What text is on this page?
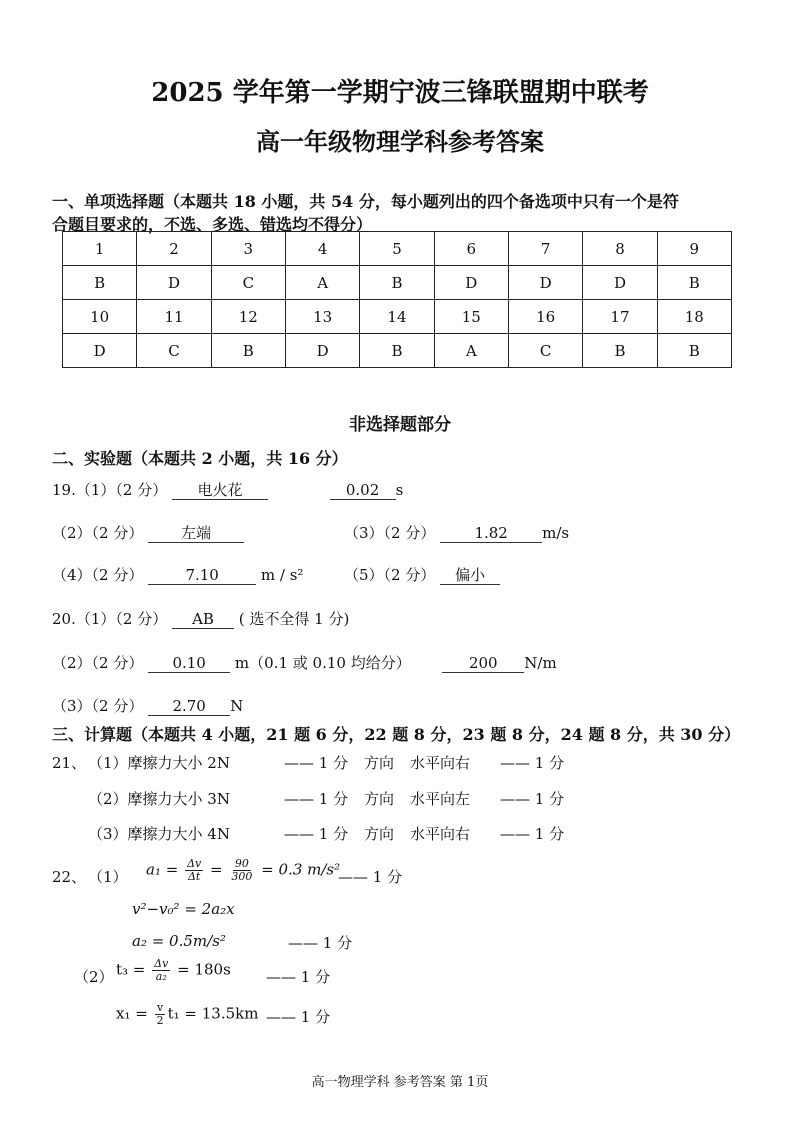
2025 学年第一学期宁波三锋联盟期中联考
高一年级物理学科参考答案
一、单项选择题（本题共 18 小题，共 54 分，每小题列出的四个备选项中只有一个是符
合题目要求的，不选、多选、错选均不得分）
1	2	3	4	5	6	7	8	9
B	D	C	A	B	D	D	D	B
10	11	12	13	14	15	16	17	18
D	C	B	D	B	A	C	B	B
非选择题部分
二、实验题（本题共 2 小题，共 16 分）
19.（1）（2 分） 电火花	0.02 s
（2）（2 分）	左端	（3）（2 分）	1.82 m/s
（4）（2 分）	7.10	m / s²	（5）（2 分） 偏小
20.（1）（2 分） AB ( 选不全得 1 分)
（2）（2 分） 0.10 m（0.1 或 0.10 均给分）	200 N/m
（3）（2 分） 2.70 N
三、计算题（本题共 4 小题，21 题 6 分，22 题 8 分，23 题 8 分，24 题 8 分，共 30 分）
21、 （1）摩擦力大小 2N	—— 1 分 方向 水平向右 —— 1 分
（2）摩擦力大小 3N	—— 1 分 方向 水平向左 —— 1 分
（3）摩擦力大小 4N	—— 1 分 方向 水平向右 —— 1 分
22、 （1） $a_1 = \frac{\Delta v}{\Delta t} = \frac{90}{300} = 0.3$ m/s²
—— 1 分
v²−v₀² = 2a₂x
a₂ = 0.5m/s²	—— 1 分
（2） $t_3 = \frac{\Delta v}{\text{a₂}} = 180s$ —— 1 分
$x_1 = \frac{v}{2} t_1 = 13.5km$ —— 1 分
高一物理学科 参考答案 第 1页
